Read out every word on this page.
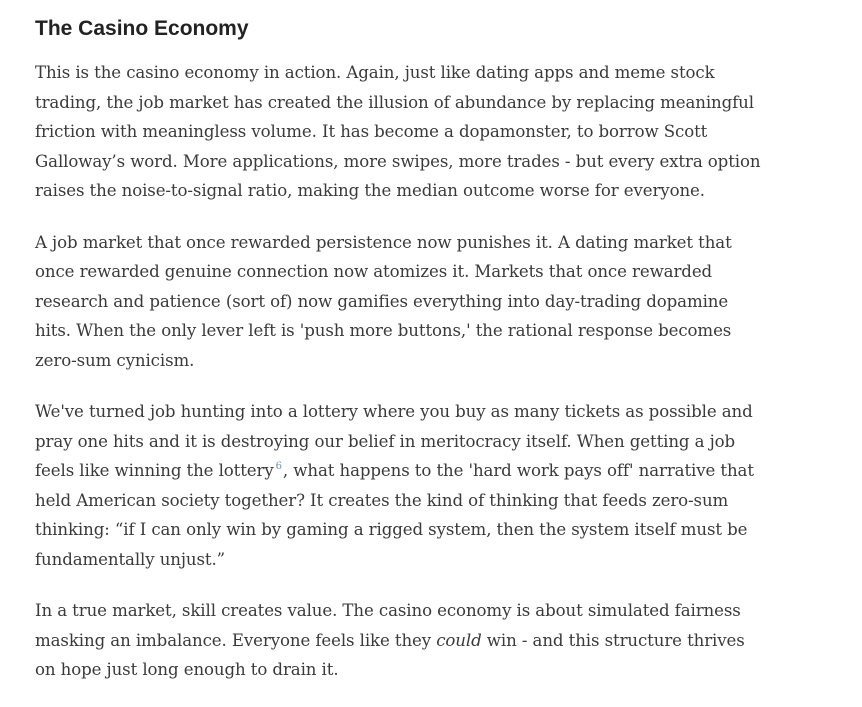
The Casino Economy
This is the casino economy in action. Again, just like dating apps and meme stock
trading, the job market has created the illusion of abundance by replacing meaningful
friction with meaningless volume. It has become a dopamonster, to borrow Scott
Galloway’s word. More applications, more swipes, more trades - but every extra option
raises the noise-to-signal ratio, making the median outcome worse for everyone.
A job market that once rewarded persistence now punishes it. A dating market that
once rewarded genuine connection now atomizes it. Markets that once rewarded
research and patience (sort of) now gamifies everything into day-trading dopamine
hits. When the only lever left is 'push more buttons,' the rational response becomes
zero-sum cynicism.
We've turned job hunting into a lottery where you buy as many tickets as possible and
pray one hits and it is destroying our belief in meritocracy itself. When getting a job
feels like winning the lottery $^6$, what happens to the 'hard work pays off' narrative that
held American society together? It creates the kind of thinking that feeds zero-sum
thinking: “if I can only win by gaming a rigged system, then the system itself must be
fundamentally unjust.”
In a true market, skill creates value. The casino economy is about simulated fairness
masking an imbalance. Everyone feels like they could win - and this structure thrives
on hope just long enough to drain it.
